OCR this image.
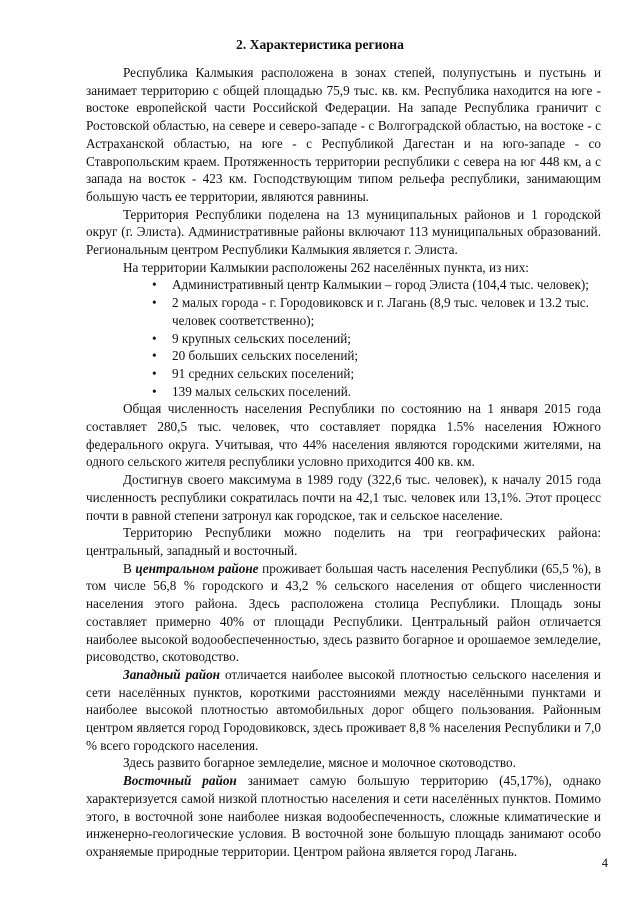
2. Характеристика региона

Республика Калмыкия расположена в зонах степей, полупустынь и пустынь и занимает территорию с общей площадью 75,9 тыс. кв. км. Республика находится на юге - востоке европейской части Российской Федерации. На западе Республика граничит с Ростовской областью, на севере и северо-западе - с Волгоградской областью, на востоке - с Астраханской областью, на юге - с Республикой Дагестан и на юго-западе - со Ставропольским краем. Протяженность территории республики с севера на юг 448 км, а с запада на восток - 423 км. Господствующим типом рельефа республики, занимающим большую часть ее территории, являются равнины.

Территория Республики поделена на 13 муниципальных районов и 1 городской округ (г. Элиста). Административные районы включают 113 муниципальных образований. Региональным центром Республики Калмыкия является г. Элиста.

На территории Калмыкии расположены 262 населённых пункта, из них:

• Административный центр Калмыкии – город Элиста (104,4 тыс. человек);
• 2 малых города - г. Городовиковск и г. Лагань (8,9 тыс. человек и 13.2 тыс. человек соответственно);
• 9 крупных сельских поселений;
• 20 больших сельских поселений;
• 91 средних сельских поселений;
• 139 малых сельских поселений.

Общая численность населения Республики по состоянию на 1 января 2015 года составляет 280,5 тыс. человек, что составляет порядка 1.5% населения Южного федерального округа. Учитывая, что 44% населения являются городскими жителями, на одного сельского жителя республики условно приходится 400 кв. км.

Достигнув своего максимума в 1989 году (322,6 тыс. человек), к началу 2015 года численность республики сократилась почти на 42,1 тыс. человек или 13,1%. Этот процесс почти в равной степени затронул как городское, так и сельское население.

Территорию Республики можно поделить на три географических района: центральный, западный и восточный.

В центральном районе проживает большая часть населения Республики (65,5 %), в том числе 56,8 % городского и 43,2 % сельского населения от общего численности населения этого района. Здесь расположена столица Республики. Площадь зоны составляет примерно 40% от площади Республики. Центральный район отличается наиболее высокой водообеспеченностью, здесь развито богарное и орошаемое земледелие, рисоводство, скотоводство.

Западный район отличается наиболее высокой плотностью сельского населения и сети населённых пунктов, короткими расстояниями между населёнными пунктами и наиболее высокой плотностью автомобильных дорог общего пользования. Районным центром является город Городовиковск, здесь проживает 8,8 % населения Республики и 7,0 % всего городского населения.

Здесь развито богарное земледелие, мясное и молочное скотоводство.

Восточный район занимает самую большую территорию (45,17%), однако характеризуется самой низкой плотностью населения и сети населённых пунктов. Помимо этого, в восточной зоне наиболее низкая водообеспеченность, сложные климатические и инженерно-геологические условия. В восточной зоне большую площадь занимают особо охраняемые природные территории. Центром района является город Лагань.

4
